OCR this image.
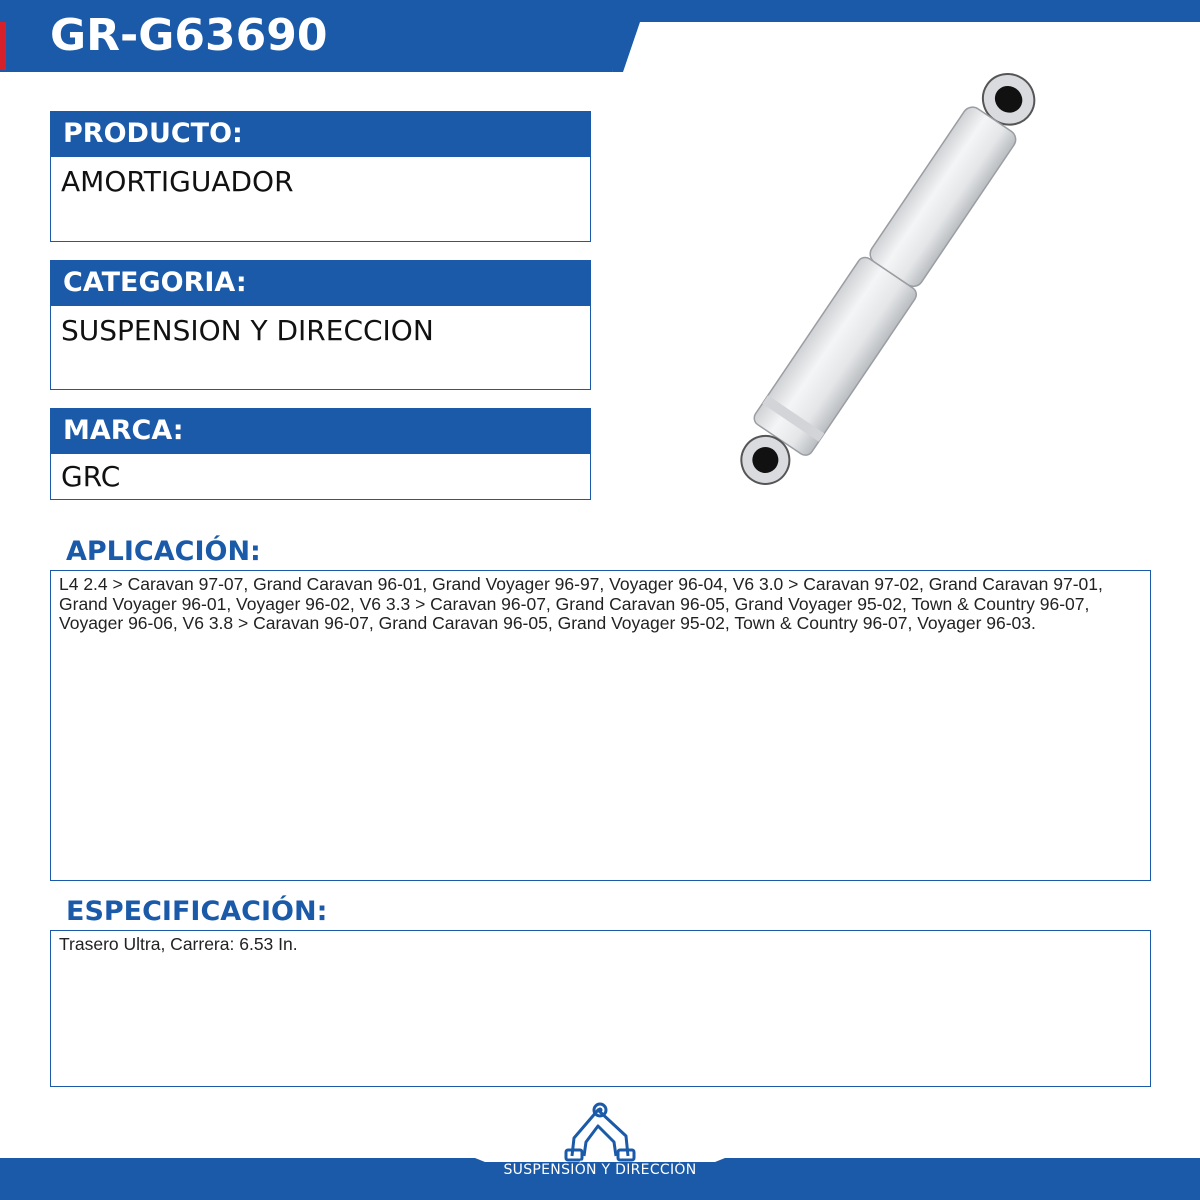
GR-G63690
PRODUCTO:
AMORTIGUADOR
CATEGORIA:
SUSPENSION Y DIRECCION
MARCA:
GRC
APLICACIÓN:
L4 2.4 > Caravan 97-07, Grand Caravan 96-01, Grand Voyager 96-97, Voyager 96-04, V6 3.0 > Caravan 97-02, Grand Caravan 97-01, Grand Voyager 96-01, Voyager 96-02, V6 3.3 > Caravan 96-07, Grand Caravan 96-05, Grand Voyager 95-02, Town & Country 96-07, Voyager 96-06, V6 3.8 > Caravan 96-07, Grand Caravan 96-05, Grand Voyager 95-02, Town & Country 96-07, Voyager 96-03.
ESPECIFICACIÓN:
Trasero Ultra, Carrera: 6.53 In.
SUSPENSIÓN Y DIRECCIÓN
